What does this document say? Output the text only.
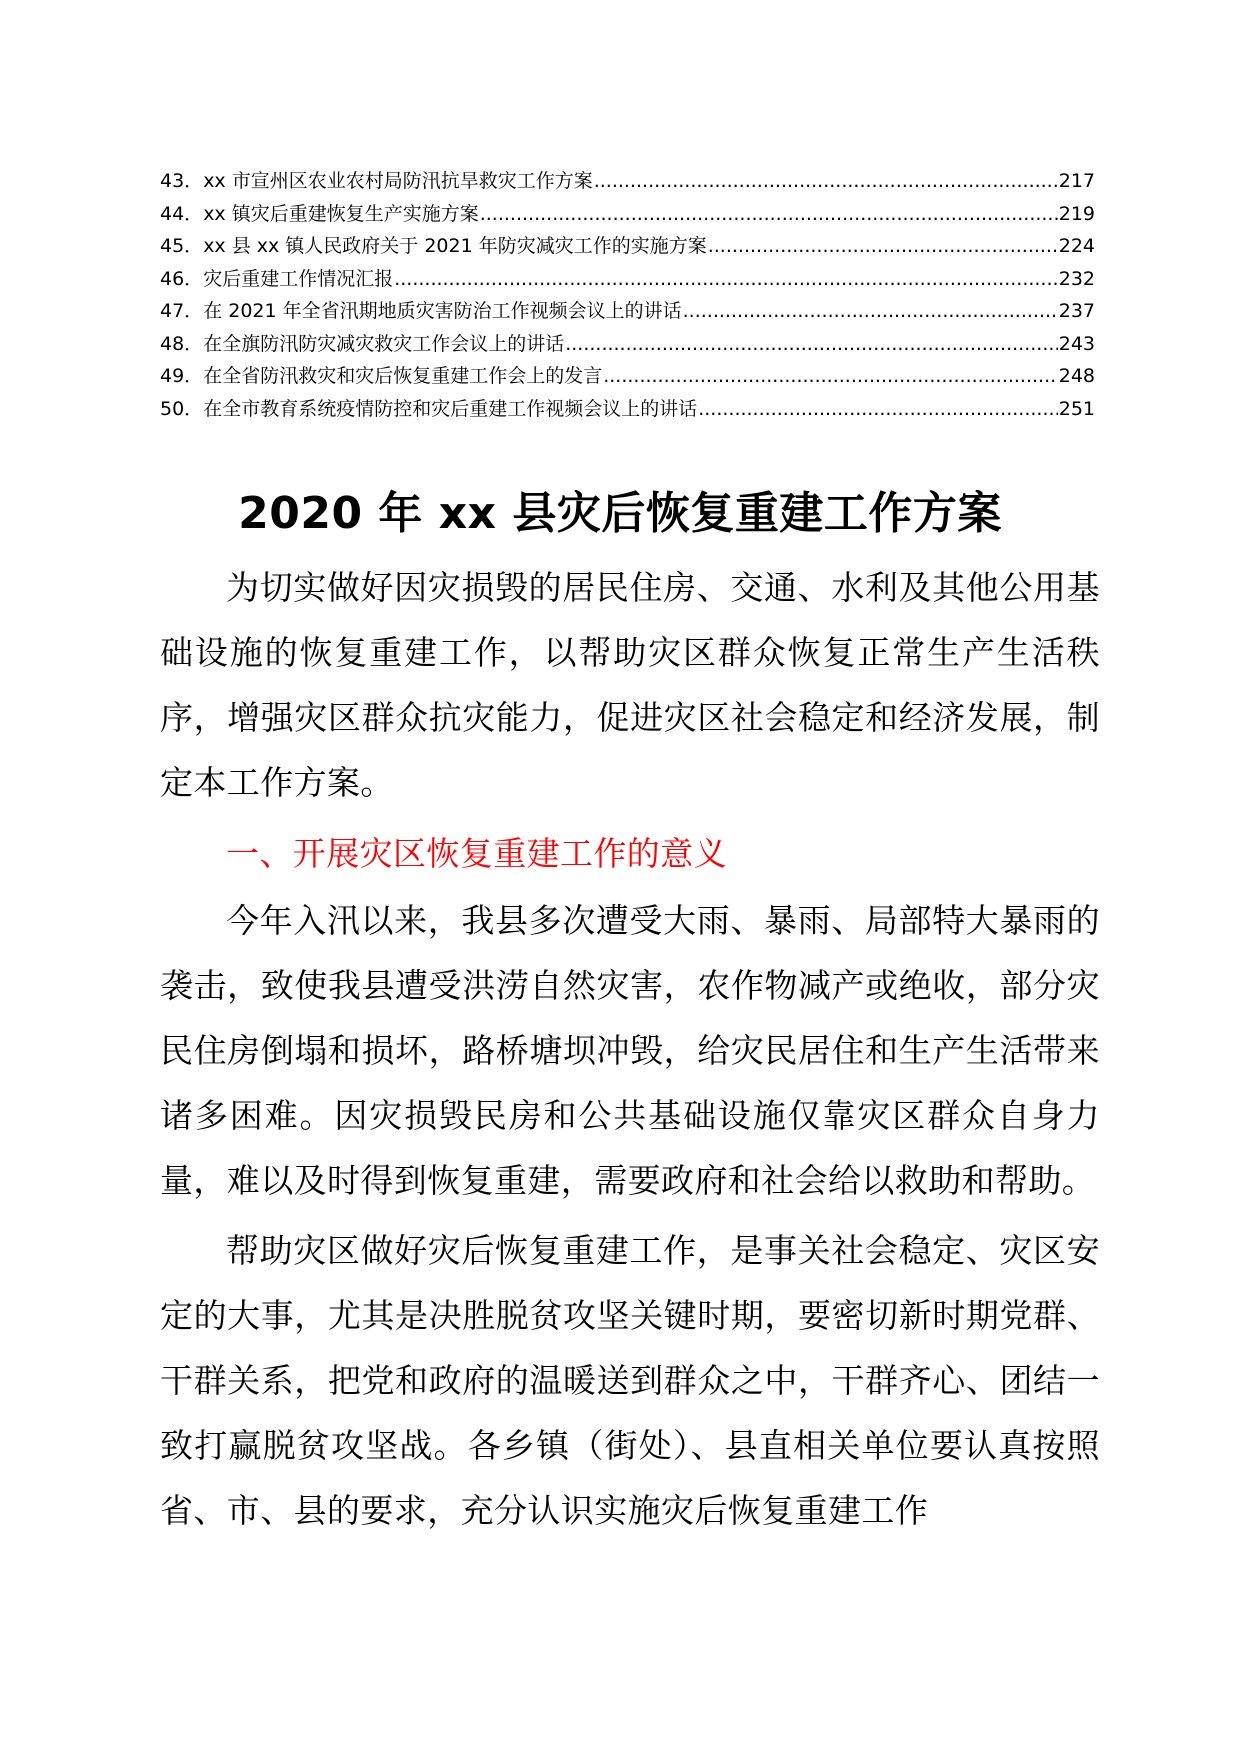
43． xx 市宣州区农业农村局防汛抗旱救灾工作方案 .....	217
44． xx 镇灾后重建恢复生产实施方案 .....	219
45． xx 县 xx 镇人民政府关于 2021 年防灾减灾工作的实施方案 .....	224
46． 灾后重建工作情况汇报 .....	232
47． 在 2021 年全省汛期地质灾害防治工作视频会议上的讲话 .....	237
48． 在全旗防汛防灾减灾救灾工作会议上的讲话 .....	243
49． 在全省防汛救灾和灾后恢复重建工作会上的发言 .....	248
50． 在全市教育系统疫情防控和灾后重建工作视频会议上的讲话 .....	251
2020 年 xx 县灾后恢复重建工作方案

为切实做好因灾损毁的居民住房、交通、水利及其他公用基础设施的恢复重建工作，以帮助灾区群众恢复正常生产生活秩序，增强灾区群众抗灾能力，促进灾区社会稳定和经济发展，制定本工作方案。

一、开展灾区恢复重建工作的意义

今年入汛以来，我县多次遭受大雨、暴雨、局部特大暴雨的袭击，致使我县遭受洪涝自然灾害，农作物减产或绝收，部分灾民住房倒塌和损坏，路桥塘坝冲毁，给灾民居住和生产生活带来诸多困难。因灾损毁民房和公共基础设施仅靠灾区群众自身力量，难以及时得到恢复重建，需要政府和社会给以救助和帮助。

帮助灾区做好灾后恢复重建工作，是事关社会稳定、灾区安定的大事，尤其是决胜脱贫攻坚关键时期，要密切新时期党群、干群关系，把党和政府的温暖送到群众之中，干群齐心、团结一致打赢脱贫攻坚战。各乡镇（街处）、县直相关单位要认真按照省、市、县的要求，充分认识实施灾后恢复重建工作
